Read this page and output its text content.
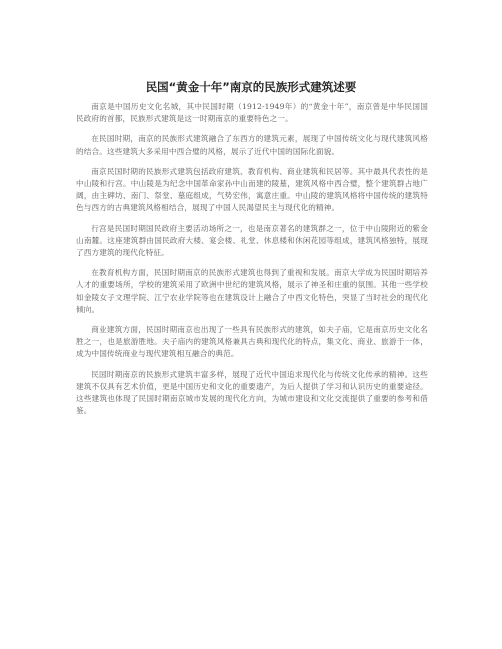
民国“黄金十年”南京的民族形式建筑述要

南京是中国历史文化名城，其中民国时期（1912-1949年）的“黄金十年”，南京曾是中华民国国民政府的首都，民族形式建筑是这一时期南京的重要特色之一。

在民国时期，南京的民族形式建筑融合了东西方的建筑元素，展现了中国传统文化与现代建筑风格的结合。这些建筑大多采用中西合璧的风格，展示了近代中国的国际化面貌。

南京民国时期的民族形式建筑包括政府建筑、教育机构、商业建筑和民居等。其中最具代表性的是中山陵和行宫。中山陵是为纪念中国革命家孙中山而建的陵墓，建筑风格中西合璧，整个建筑群占地广阔，由主碑坊、南门、祭堂、墓庭组成，气势宏伟，寓意庄重。中山陵的建筑风格将中国传统的建筑特色与西方的古典建筑风格相结合，展现了中国人民渴望民主与现代化的精神。

行宫是民国时期国民政府主要活动场所之一，也是南京著名的建筑群之一，位于中山陵附近的紫金山南麓。这座建筑群由国民政府大楼、宴会楼、礼堂、休息楼和休闲花园等组成，建筑风格独特，展现了西方建筑的现代化特征。

在教育机构方面，民国时期南京的民族形式建筑也得到了重视和发展。南京大学成为民国时期培养人才的重要场所，学校的建筑采用了欧洲中世纪的建筑风格，展示了神圣和庄重的氛围。其他一些学校如金陵女子文理学院、江宁农业学院等也在建筑设计上融合了中西文化特色，突显了当时社会的现代化倾向。

商业建筑方面，民国时期南京也出现了一些具有民族形式的建筑，如夫子庙，它是南京历史文化名胜之一，也是旅游胜地。夫子庙内的建筑风格兼具古典和现代化的特点，集文化、商业、旅游于一体，成为中国传统商业与现代建筑相互融合的典范。

民国时期南京的民族形式建筑丰富多样，展现了近代中国追求现代化与传统文化传承的精神。这些建筑不仅具有艺术价值，更是中国历史和文化的重要遗产，为后人提供了学习和认识历史的重要途径。这些建筑也体现了民国时期南京城市发展的现代化方向，为城市建设和文化交流提供了重要的参考和借鉴。
